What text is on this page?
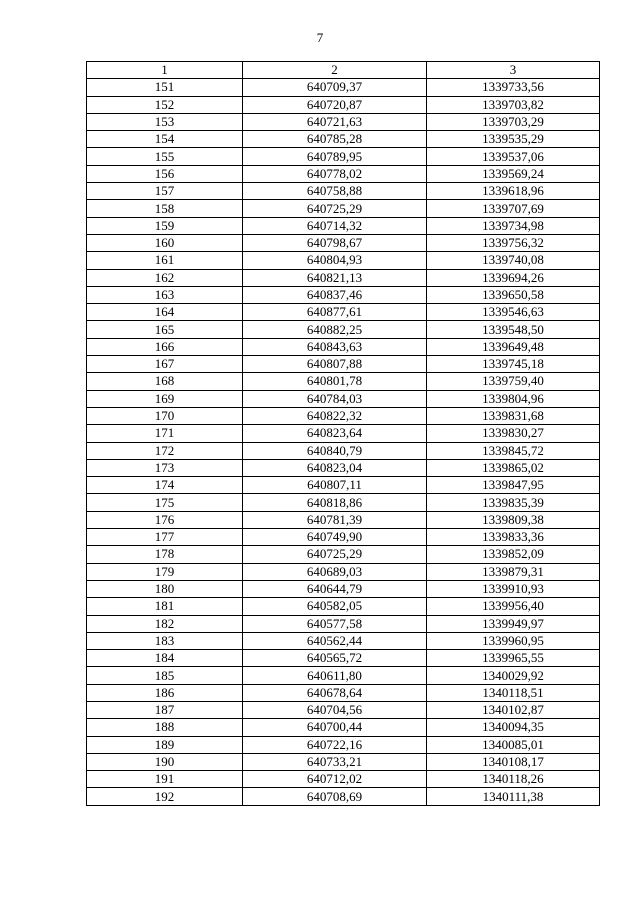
7
1	2	3
151	640709,37	1339733,56
152	640720,87	1339703,82
153	640721,63	1339703,29
154	640785,28	1339535,29
155	640789,95	1339537,06
156	640778,02	1339569,24
157	640758,88	1339618,96
158	640725,29	1339707,69
159	640714,32	1339734,98
160	640798,67	1339756,32
161	640804,93	1339740,08
162	640821,13	1339694,26
163	640837,46	1339650,58
164	640877,61	1339546,63
165	640882,25	1339548,50
166	640843,63	1339649,48
167	640807,88	1339745,18
168	640801,78	1339759,40
169	640784,03	1339804,96
170	640822,32	1339831,68
171	640823,64	1339830,27
172	640840,79	1339845,72
173	640823,04	1339865,02
174	640807,11	1339847,95
175	640818,86	1339835,39
176	640781,39	1339809,38
177	640749,90	1339833,36
178	640725,29	1339852,09
179	640689,03	1339879,31
180	640644,79	1339910,93
181	640582,05	1339956,40
182	640577,58	1339949,97
183	640562,44	1339960,95
184	640565,72	1339965,55
185	640611,80	1340029,92
186	640678,64	1340118,51
187	640704,56	1340102,87
188	640700,44	1340094,35
189	640722,16	1340085,01
190	640733,21	1340108,17
191	640712,02	1340118,26
192	640708,69	1340111,38
